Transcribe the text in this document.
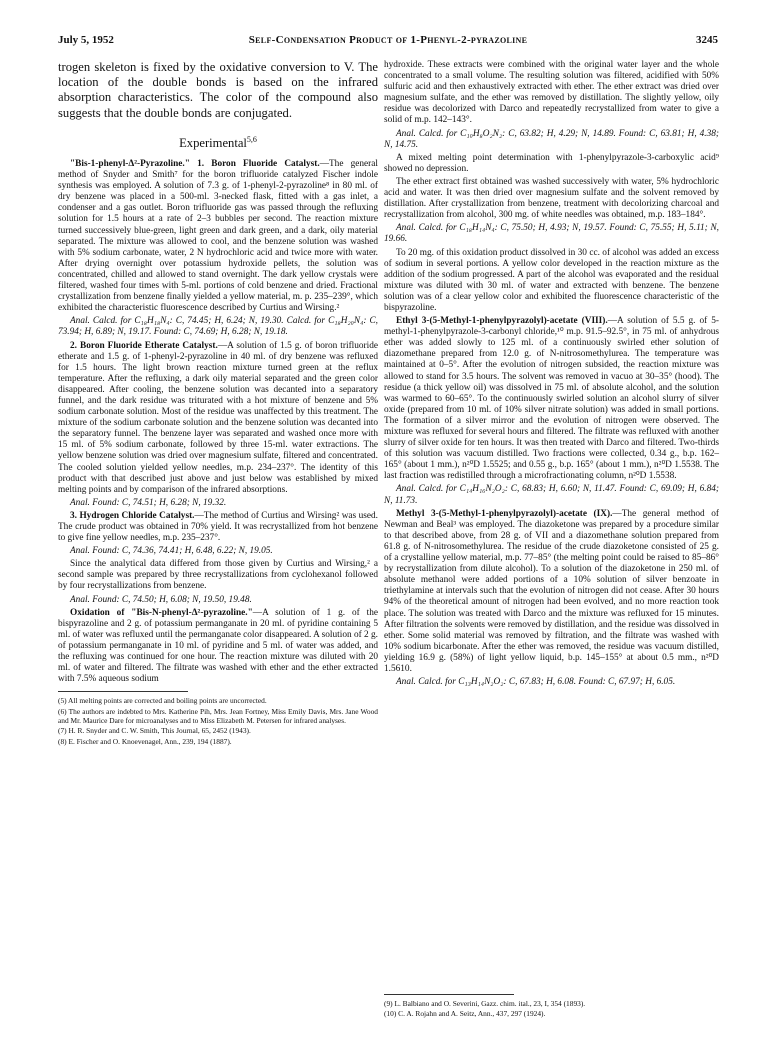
July 5, 1952	Self-Condensation Product of 1-Phenyl-2-pyrazoline	3245
trogen skeleton is fixed by the oxidative conversion to V. The location of the double bonds is based on the infrared absorption characteristics. The color of the compound also suggests that the double bonds are conjugated.
Experimental$^{5,6}$

"Bis-1-phenyl-Δ²-Pyrazoline." 1. Boron Fluoride Catalyst.—The general method of Snyder and Smith⁷ for the boron trifluoride catalyzed Fischer indole synthesis was employed. A solution of 7.3 g. of 1-phenyl-2-pyrazoline⁸ in 80 ml. of dry benzene was placed in a 500-ml. 3-necked flask, fitted with a gas inlet, a condenser and a gas outlet. Boron trifluoride gas was passed through the refluxing solution for 1.5 hours at a rate of 2–3 bubbles per second. The reaction mixture turned successively blue-green, light green and dark green, and a dark, oily material separated. The mixture was allowed to cool, and the benzene solution was washed with 5% sodium carbonate, water, 2 N hydrochloric acid and twice more with water. After drying overnight over potassium hydroxide pellets, the solution was concentrated, chilled and allowed to stand overnight. The dark yellow crystals were filtered, washed four times with 5-ml. portions of cold benzene and dried. Fractional crystallization from benzene finally yielded a yellow material, m. p. 235–239°, which exhibited the characteristic fluorescence described by Curtius and Wirsing.²

Anal. Calcd. for C₁₈H₁₈N₄: C, 74.45; H, 6.24; N, 19.30. Calcd. for C₁₈H₂₀N₄: C, 73.94; H, 6.89; N, 19.17. Found: C, 74.69; H, 6.28; N, 19.18.

2. Boron Fluoride Etherate Catalyst.—A solution of 1.5 g. of boron trifluoride etherate and 1.5 g. of 1-phenyl-2-pyrazoline in 40 ml. of dry benzene was refluxed for 1.5 hours. The light brown reaction mixture turned green at the reflux temperature. After the refluxing, a dark oily material separated and the green color disappeared. After cooling, the benzene solution was decanted into a separatory funnel, and the dark residue was triturated with a hot mixture of benzene and 5% sodium carbonate solution. Most of the residue was unaffected by this treatment. The mixture of the sodium carbonate solution and the benzene solution was decanted into the separatory funnel. The benzene layer was separated and washed once more with 15 ml. of 5% sodium carbonate, followed by three 15-ml. water extractions. The yellow benzene solution was dried over magnesium sulfate, filtered and concentrated. The cooled solution yielded yellow needles, m.p. 234–237°. The identity of this product with that described just above and just below was established by mixed melting points and by comparison of the infrared absorptions.

Anal. Found: C, 74.51; H, 6.28; N, 19.32.

3. Hydrogen Chloride Catalyst.—The method of Curtius and Wirsing² was used. The crude product was obtained in 70% yield. It was recrystallized from hot benzene to give fine yellow needles, m.p. 235–237°.

Anal. Found: C, 74.36, 74.41; H, 6.48, 6.22; N, 19.05.

Since the analytical data differed from those given by Curtius and Wirsing,² a second sample was prepared by three recrystallizations from cyclohexanol followed by four recrystallizations from benzene.

Anal. Found: C, 74.50; H, 6.08; N, 19.50, 19.48.

Oxidation of "Bis-N-phenyl-Δ²-pyrazoline."—A solution of 1 g. of the bispyrazoline and 2 g. of potassium permanganate in 20 ml. of pyridine containing 5 ml. of water was refluxed until the permanganate color disappeared. A solution of 2 g. of potassium permanganate in 10 ml. of pyridine and 5 ml. of water was added, and the refluxing was continued for one hour. The reaction mixture was diluted with 20 ml. of water and filtered. The filtrate was washed with ether and the ether extracted with 7.5% aqueous sodium

(5) All melting points are corrected and boiling points are uncorrected.

(6) The authors are indebted to Mrs. Katherine Pih, Mrs. Jean Fortney, Miss Emily Davis, Mrs. Jane Wood and Mr. Maurice Dare for microanalyses and to Miss Elizabeth M. Petersen for infrared analyses.

(7) H. R. Snyder and C. W. Smith, This Journal, 65, 2452 (1943).

(8) E. Fischer and O. Knoevenagel, Ann., 239, 194 (1887).

hydroxide. These extracts were combined with the original water layer and the whole concentrated to a small volume. The resulting solution was filtered, acidified with 50% sulfuric acid and then exhaustively extracted with ether. The ether extract was dried over magnesium sulfate, and the ether was removed by distillation. The slightly yellow, oily residue was decolorized with Darco and repeatedly recrystallized from water to give a solid of m.p. 142–143°.

Anal. Calcd. for C₁₀H₈O₂N₂: C, 63.82; H, 4.29; N, 14.89. Found: C, 63.81; H, 4.38; N, 14.75.

A mixed melting point determination with 1-phenylpyrazole-3-carboxylic acid⁹ showed no depression.

The ether extract first obtained was washed successively with water, 5% hydrochloric acid and water. It was then dried over magnesium sulfate and the solvent removed by distillation. After crystallization from benzene, treatment with decolorizing charcoal and recrystallization from alcohol, 300 mg. of white needles was obtained, m.p. 183–184°.

Anal. Calcd. for C₁₈H₁₄N₄: C, 75.50; H, 4.93; N, 19.57. Found: C, 75.55; H, 5.11; N, 19.66.

To 20 mg. of this oxidation product dissolved in 30 cc. of alcohol was added an excess of sodium in several portions. A yellow color developed in the reaction mixture as the addition of the sodium progressed. A part of the alcohol was evaporated and the residual mixture was diluted with 30 ml. of water and extracted with benzene. The benzene solution was of a clear yellow color and exhibited the fluorescence characteristic of the bispyrazoline.

Ethyl 3-(5-Methyl-1-phenylpyrazolyl)-acetate (VIII).—A solution of 5.5 g. of 5-methyl-1-phenylpyrazole-3-carbonyl chloride,¹⁰ m.p. 91.5–92.5°, in 75 ml. of anhydrous ether was added slowly to 125 ml. of a continuously swirled ether solution of diazomethane prepared from 12.0 g. of N-nitrosomethylurea. The temperature was maintained at 0–5°. After the evolution of nitrogen subsided, the reaction mixture was allowed to stand for 3.5 hours. The solvent was removed in vacuo at 30–35° (hood). The residue (a thick yellow oil) was dissolved in 75 ml. of absolute alcohol, and the solution was warmed to 60–65°. To the continuously swirled solution an alcohol slurry of silver oxide (prepared from 10 ml. of 10% silver nitrate solution) was added in small portions. The formation of a silver mirror and the evolution of nitrogen were observed. The mixture was refluxed for several hours and filtered. The filtrate was refluxed with another slurry of silver oxide for ten hours. It was then treated with Darco and filtered. Two-thirds of this solution was vacuum distilled. Two fractions were collected, 0.34 g., b.p. 162–165° (about 1 mm.), n²⁰D 1.5525; and 0.55 g., b.p. 165° (about 1 mm.), n²⁰D 1.5538. The last fraction was redistilled through a microfractionating column, n²⁰D 1.5538.

Anal. Calcd. for C₁₄H₁₆N₂O₂: C, 68.83; H, 6.60; N, 11.47. Found: C, 69.09; H, 6.84; N, 11.73.

Methyl 3-(5-Methyl-1-phenylpyrazolyl)-acetate (IX).—The general method of Newman and Beal³ was employed. The diazoketone was prepared by a procedure similar to that described above, from 28 g. of VII and a diazomethane solution prepared from 61.8 g. of N-nitrosomethylurea. The residue of the crude diazoketone consisted of 25 g. of a crystalline yellow material, m.p. 77–85° (the melting point could be raised to 85–86° by recrystallization from dilute alcohol). To a solution of the diazoketone in 250 ml. of absolute methanol were added portions of a 10% solution of silver benzoate in triethylamine at intervals such that the evolution of nitrogen did not cease. After 30 hours 94% of the theoretical amount of nitrogen had been evolved, and no more reaction took place. The solution was treated with Darco and the mixture was refluxed for 15 minutes. After filtration the solvents were removed by distillation, and the residue was dissolved in ether. Some solid material was removed by filtration, and the filtrate was washed with 10% sodium bicarbonate. After the ether was removed, the residue was vacuum distilled, yielding 16.9 g. (58%) of light yellow liquid, b.p. 145–155° at about 0.5 mm., n²⁰D 1.5610.

Anal. Calcd. for C₁₃H₁₄N₂O₂: C, 67.83; H, 6.08. Found: C, 67.97; H, 6.05.

(9) L. Balbiano and O. Severini, Gazz. chim. ital., 23, I, 354 (1893).

(10) C. A. Rojahn and A. Seitz, Ann., 437, 297 (1924).
